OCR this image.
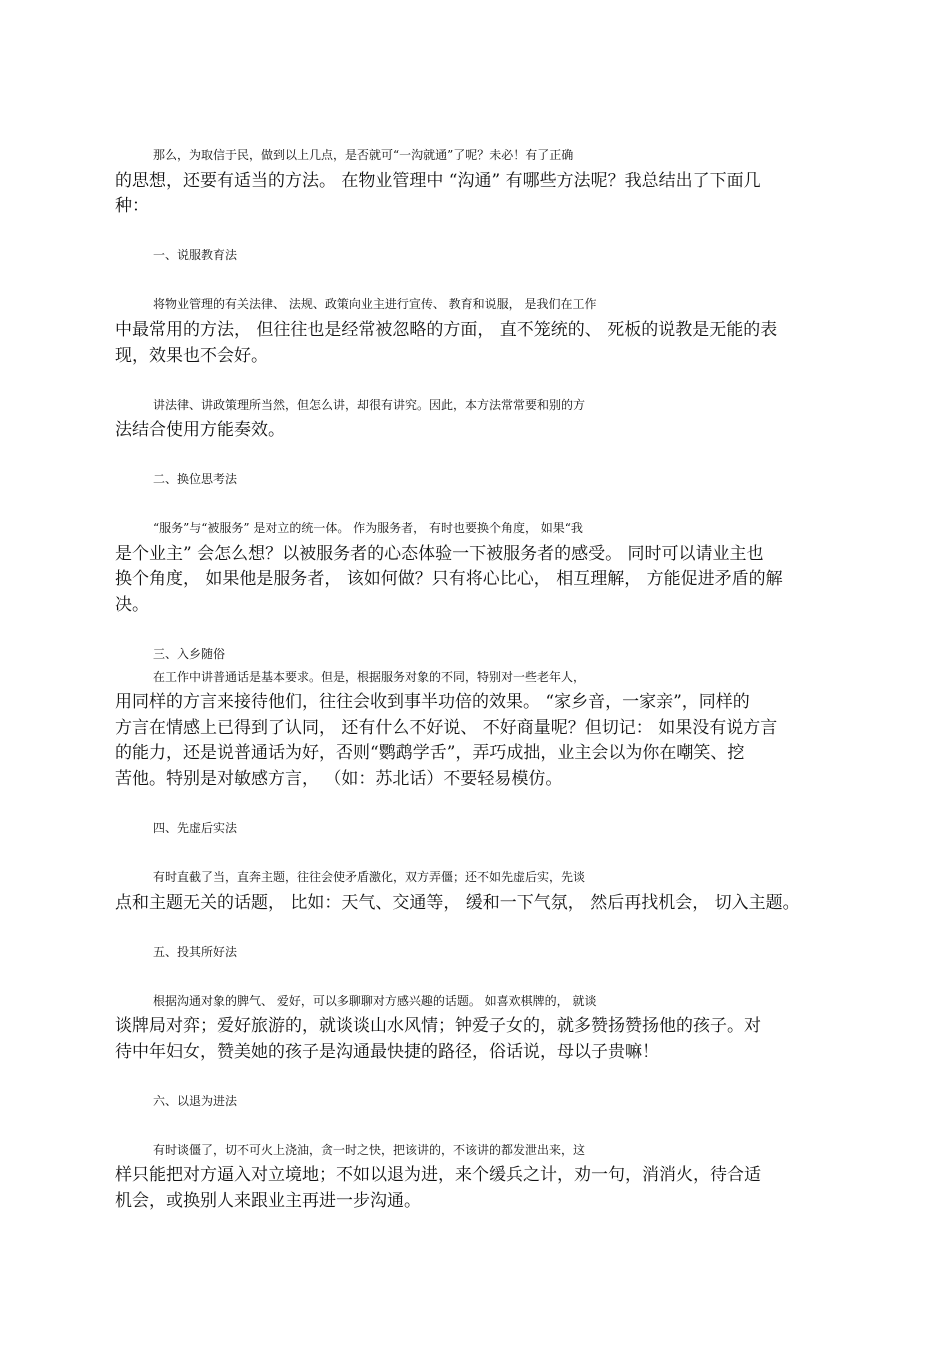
那么，为取信于民，做到以上几点，是否就可“一沟就通”了呢？未必！有了正确
的思想，还要有适当的方法。 在物业管理中 “沟通” 有哪些方法呢？我总结出了下面几
种：
一、说服教育法
将物业管理的有关法律、 法规、政策向业主进行宣传、 教育和说服， 是我们在工作
中最常用的方法， 但往往也是经常被忽略的方面， 直不笼统的、 死板的说教是无能的表
现，效果也不会好。
讲法律、讲政策理所当然，但怎么讲，却很有讲究。因此，本方法常常要和别的方
法结合使用方能奏效。
二、换位思考法
“服务”与“被服务” 是对立的统一体。 作为服务者， 有时也要换个角度， 如果“我
是个业主” 会怎么想？以被服务者的心态体验一下被服务者的感受。 同时可以请业主也
换个角度， 如果他是服务者， 该如何做？只有将心比心， 相互理解， 方能促进矛盾的解
决。
三、入乡随俗
在工作中讲普通话是基本要求。但是，根据服务对象的不同，特别对一些老年人，
用同样的方言来接待他们，往往会收到事半功倍的效果。 “家乡音，一家亲”，同样的
方言在情感上已得到了认同， 还有什么不好说、 不好商量呢？但切记： 如果没有说方言
的能力，还是说普通话为好，否则“鹦鹉学舌”，弄巧成拙，业主会以为你在嘲笑、挖
苦他。特别是对敏感方言， （如：苏北话）不要轻易模仿。
四、先虚后实法
有时直截了当，直奔主题，往往会使矛盾激化，双方弄僵；还不如先虚后实，先谈
点和主题无关的话题， 比如：天气、交通等， 缓和一下气氛， 然后再找机会， 切入主题。
五、投其所好法
根据沟通对象的脾气、 爱好，可以多聊聊对方感兴趣的话题。 如喜欢棋牌的， 就谈
谈牌局对弈；爱好旅游的，就谈谈山水风情；钟爱子女的，就多赞扬赞扬他的孩子。对
待中年妇女，赞美她的孩子是沟通最快捷的路径，俗话说，母以子贵嘛！
六、以退为进法
有时谈僵了，切不可火上浇油，贪一时之快，把该讲的，不该讲的都发泄出来，这
样只能把对方逼入对立境地；不如以退为进，来个缓兵之计，劝一句，消消火，待合适
机会，或换别人来跟业主再进一步沟通。
